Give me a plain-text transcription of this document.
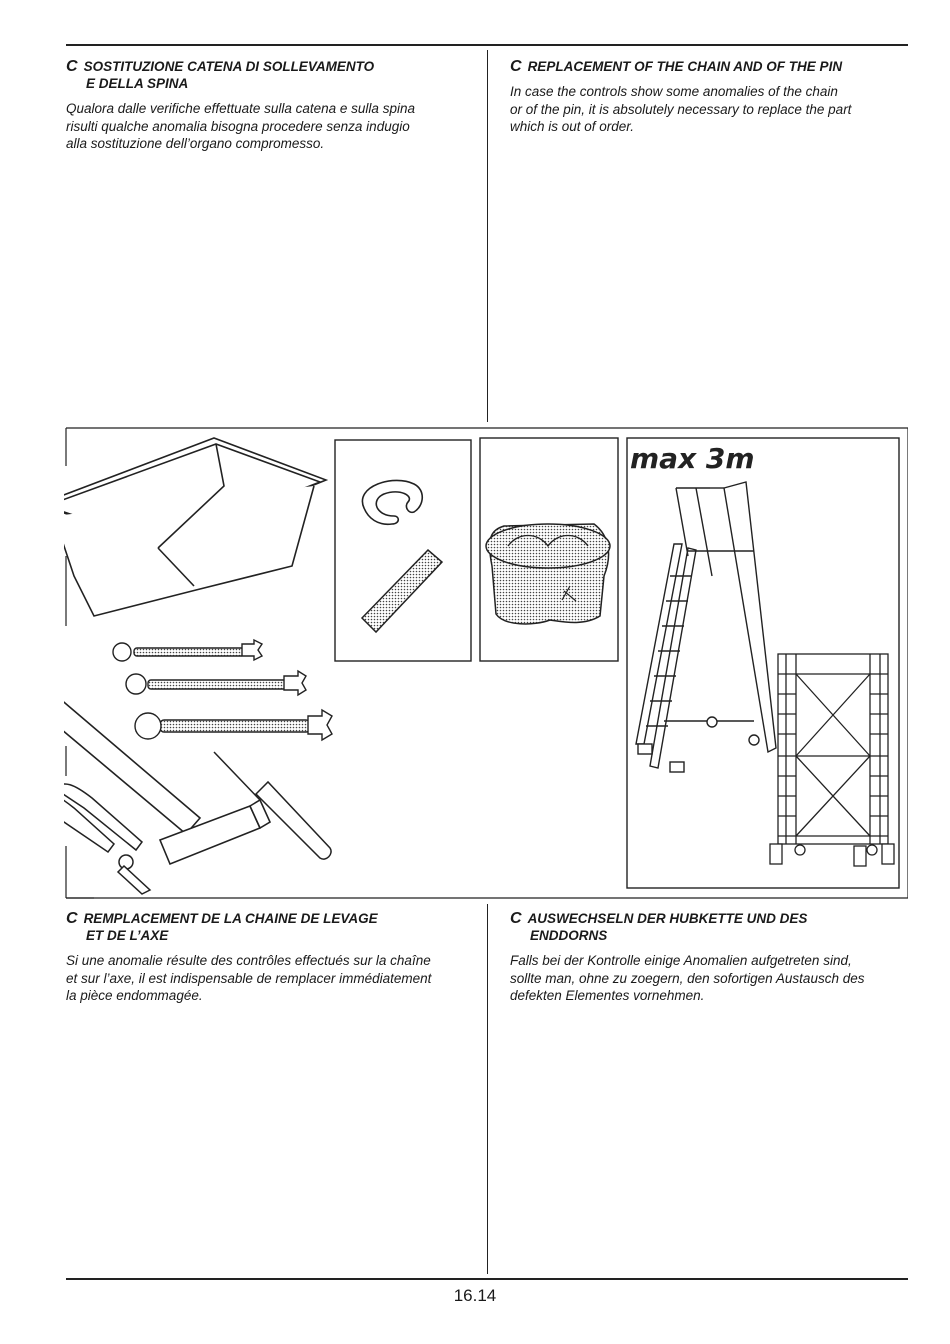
C SOSTITUZIONE CATENA DI SOLLEVAMENTO
E DELLA SPINA

Qualora dalle verifiche effettuate sulla catena e sulla spina
risulti qualche anomalia bisogna procedere senza indugio
alla sostituzione dell’organo compromesso.

C REPLACEMENT OF THE CHAIN AND OF THE PIN

In case the controls show some anomalies of the chain
or of the pin, it is absolutely necessary to replace the part
which is out of order.

max 3m

C REMPLACEMENT DE LA CHAINE DE LEVAGE
ET DE L’AXE

Si une anomalie résulte des contrôles effectués sur la chaîne
et sur l’axe, il est indispensable de remplacer immédiatement
la pièce endommagée.

C AUSWECHSELN DER HUBKETTE UND DES
ENDDORNS

Falls bei der Kontrolle einige Anomalien aufgetreten sind,
sollte man, ohne zu zoegern, den sofortigen Austausch des
defekten Elementes vornehmen.

16.14
